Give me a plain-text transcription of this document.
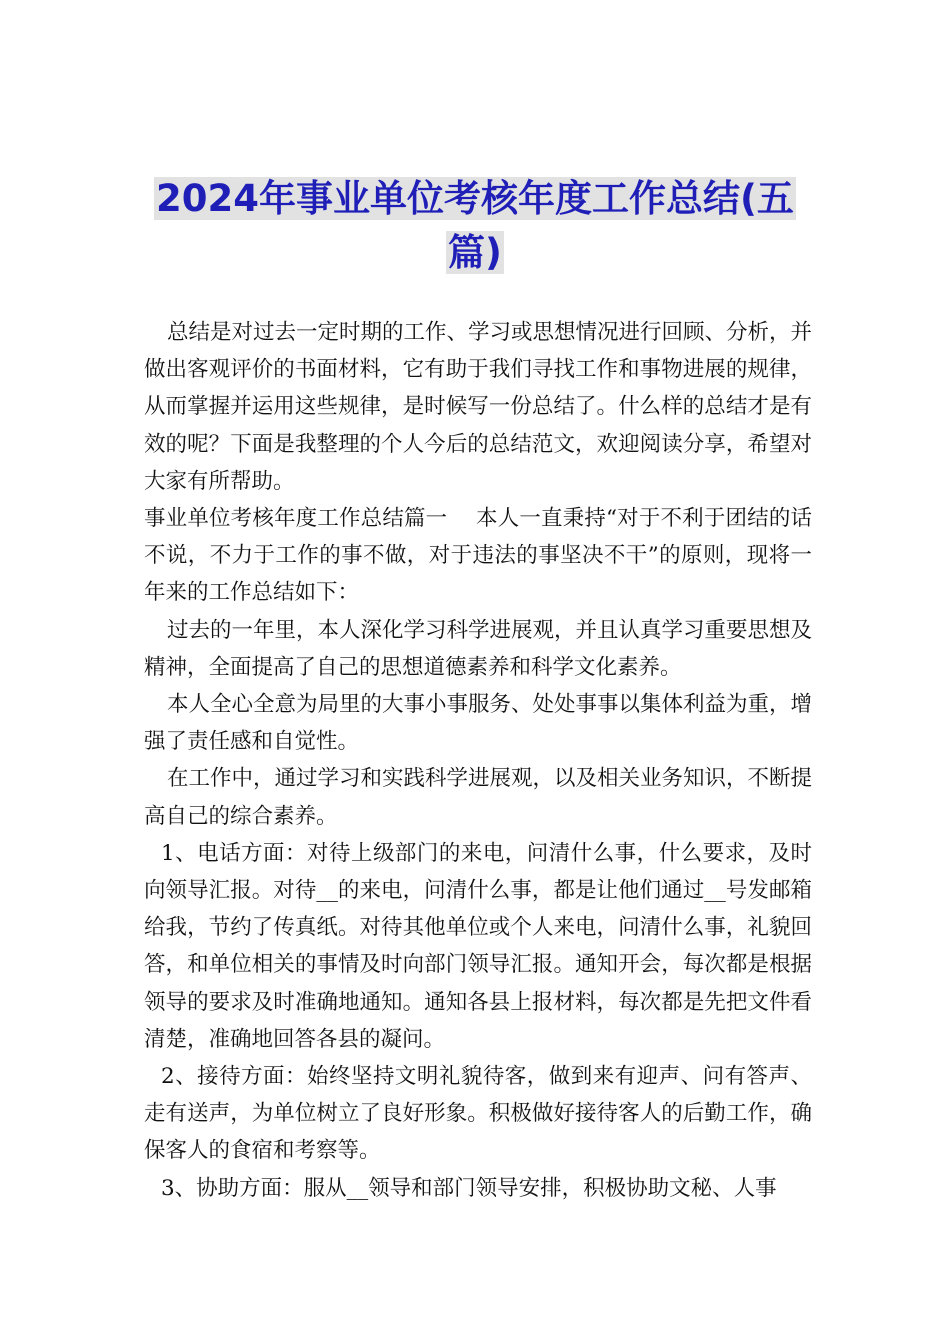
2024年事业单位考核年度工作总结(五
篇)

总结是对过去一定时期的工作、学习或思想情况进行回顾、分析，并做出客观评价的书面材料，它有助于我们寻找工作和事物进展的规律，从而掌握并运用这些规律，是时候写一份总结了。什么样的总结才是有效的呢？下面是我整理的个人今后的总结范文，欢迎阅读分享，希望对大家有所帮助。

事业单位考核年度工作总结篇一　 本人一直秉持“对于不利于团结的话不说，不力于工作的事不做，对于违法的事坚决不干”的原则，现将一年来的工作总结如下：

过去的一年里，本人深化学习科学进展观，并且认真学习重要思想及精神，全面提高了自己的思想道德素养和科学文化素养。

本人全心全意为局里的大事小事服务、处处事事以集体利益为重，增强了责任感和自觉性。

在工作中，通过学习和实践科学进展观，以及相关业务知识，不断提高自己的综合素养。

1、电话方面：对待上级部门的来电，问清什么事，什么要求，及时向领导汇报。对待__的来电，问清什么事，都是让他们通过__号发邮箱给我，节约了传真纸。对待其他单位或个人来电，问清什么事，礼貌回答，和单位相关的事情及时向部门领导汇报。通知开会，每次都是根据领导的要求及时准确地通知。通知各县上报材料，每次都是先把文件看清楚，准确地回答各县的凝问。

2、接待方面：始终坚持文明礼貌待客，做到来有迎声、问有答声、走有送声，为单位树立了良好形象。积极做好接待客人的后勤工作，确保客人的食宿和考察等。

3、协助方面：服从__领导和部门领导安排，积极协助文秘、人事
